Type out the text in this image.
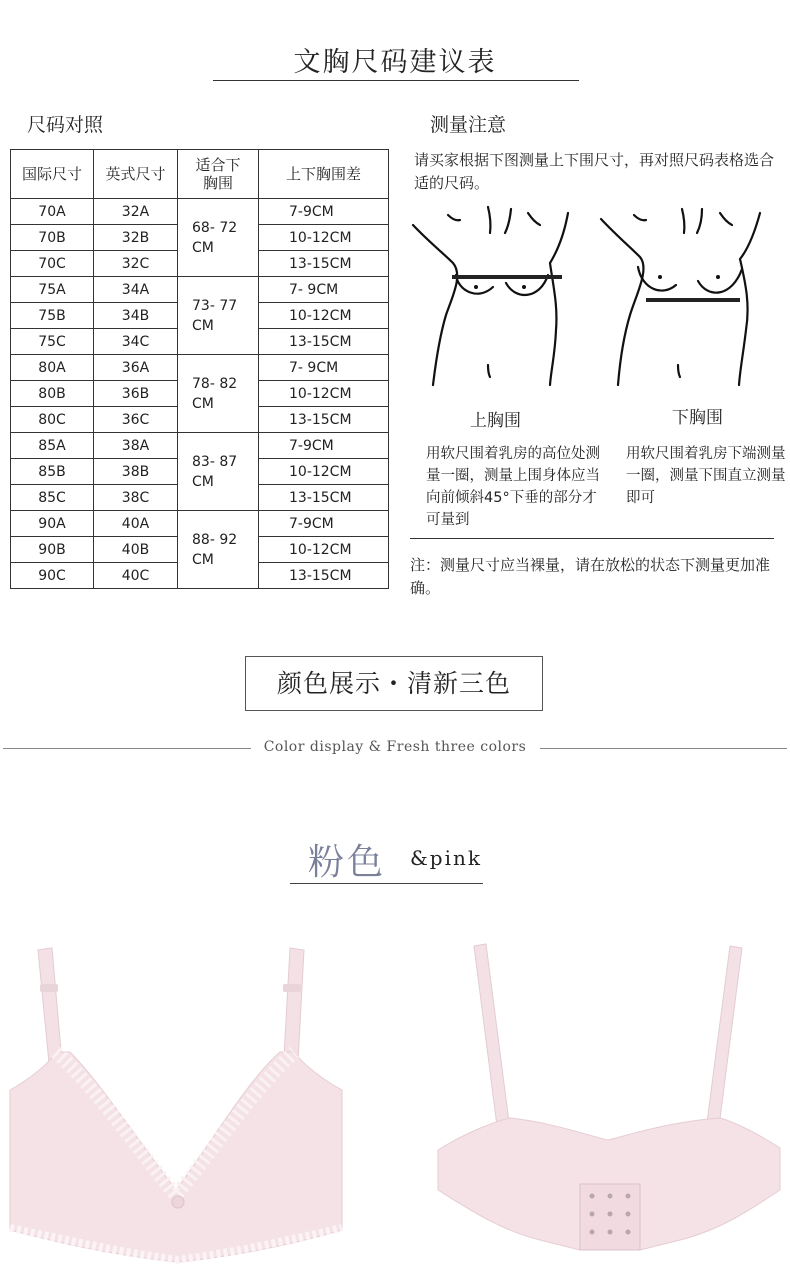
文胸尺码建议表
尺码对照	测量注意
国际尺寸	英式尺寸	适合下胸围	上下胸围差
70A	32A	68- 72 CM	7-9CM
70B	32B		10-12CM
70C	32C		13-15CM
75A	34A	73- 77 CM	7- 9CM
75B	34B		10-12CM
75C	34C		13-15CM
80A	36A	78- 82 CM	7- 9CM
80B	36B		10-12CM
80C	36C		13-15CM
85A	38A	83- 87 CM	7-9CM
85B	38B		10-12CM
85C	38C		13-15CM
90A	40A	88- 92 CM	7-9CM
90B	40B		10-12CM
90C	40C		13-15CM
请买家根据下图测量上下围尺寸，再对照尺码表格选合适的尺码。
上胸围	下胸围
用软尺围着乳房的高位处测量一圈，测量上围身体应当向前倾斜45°下垂的部分才可量到
用软尺围着乳房下端测量一圈，测量下围直立测量即可
注：测量尺寸应当裸量，请在放松的状态下测量更加准确。
颜色展示・清新三色
Color display & Fresh three colors
粉色 &pink
